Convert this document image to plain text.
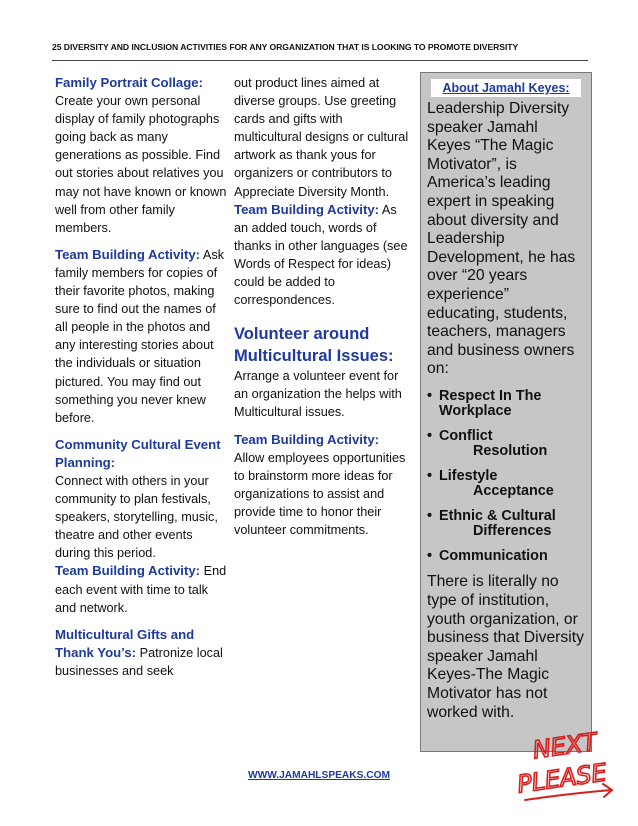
25 DIVERSITY AND INCLUSION ACTIVITIES FOR ANY ORGANIZATION THAT IS LOOKING TO PROMOTE DIVERSITY

Family Portrait Collage: Create your own personal display of family photographs going back as many generations as possible. Find out stories about relatives you may not have known or known well from other family members.

Team Building Activity: Ask family members for copies of their favorite photos, making sure to find out the names of all people in the photos and any interesting stories about the individuals or situation pictured. You may find out something you never knew before.

Community Cultural Event Planning:
Connect with others in your community to plan festivals, speakers, storytelling, music, theatre and other events during this period.

Team Building Activity: End each event with time to talk and network.

Multicultural Gifts and Thank You’s: Patronize local businesses and seek

out product lines aimed at diverse groups. Use greeting cards and gifts with multicultural designs or cultural artwork as thank yous for organizers or contributors to Appreciate Diversity Month.

Team Building Activity: As an added touch, words of thanks in other languages (see Words of Respect for ideas) could be added to correspondences.

Volunteer around Multicultural Issues: Arrange a volunteer event for an organization the helps with Multicultural issues.

Team Building Activity: Allow employees opportunities to brainstorm more ideas for organizations to assist and provide time to honor their volunteer commitments.

About Jamahl Keyes:
Leadership Diversity speaker Jamahl Keyes “The Magic Motivator”, is America’s leading expert in speaking about diversity and Leadership Development, he has over “20 years experience” educating, students, teachers, managers and business owners on:
• Respect In The
Workplace
• Conflict
Resolution
• Lifestyle
Acceptance
• Ethnic & Cultural
Differences
• Communication
There is literally no type of institution, youth organization, or business that Diversity speaker Jamahl Keyes-The Magic Motivator has not worked with.
WWW.JAMAHLSPEAKS.COM
NEXT
PLEASE
